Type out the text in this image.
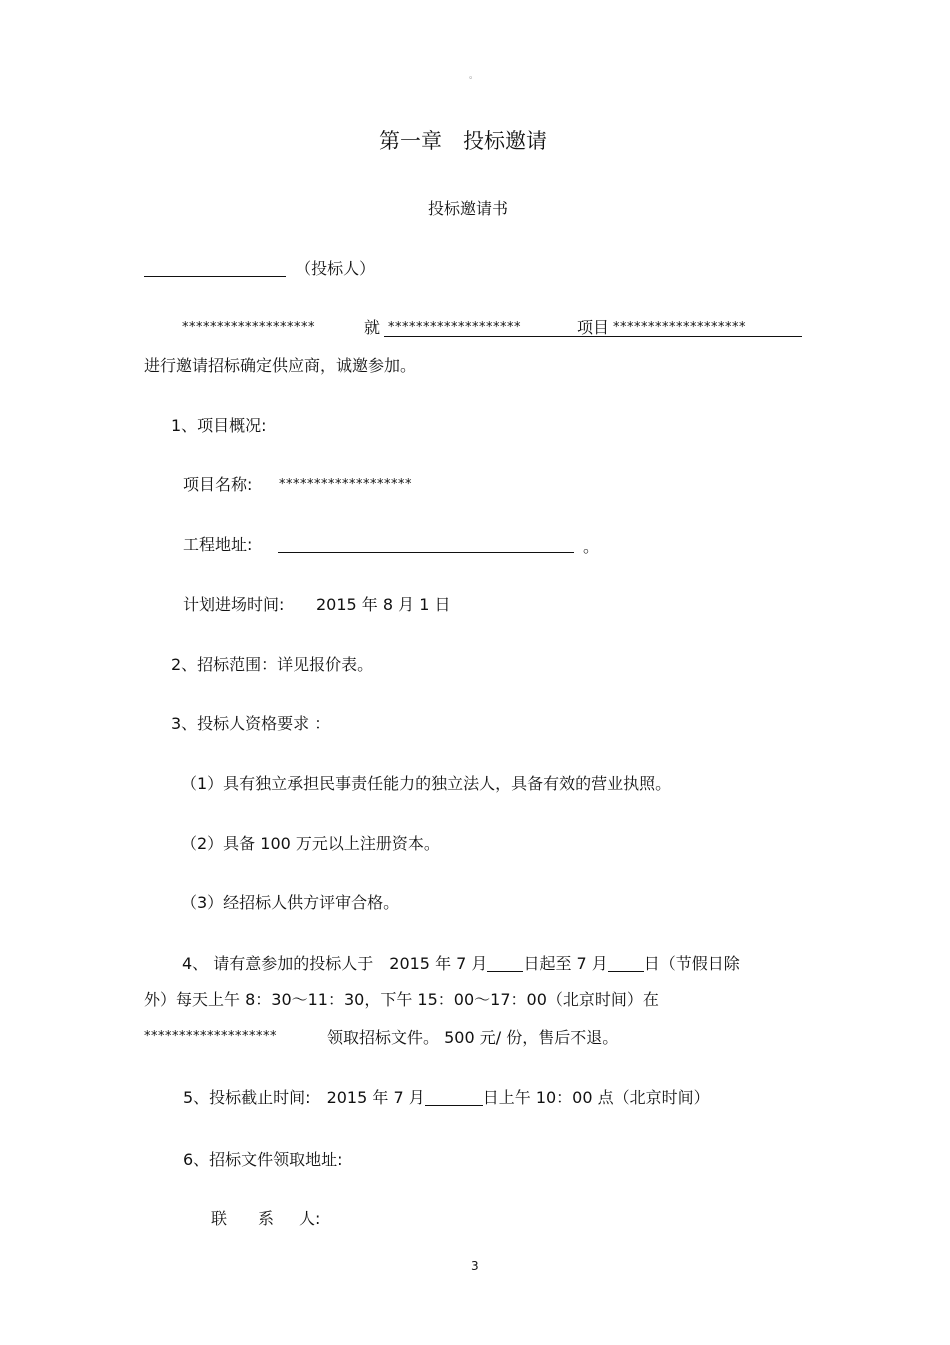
。
第一章　投标邀请
投标邀请书
（投标人）
*******************	就 *******************	项目 *******************
进行邀请招标确定供应商，诚邀参加。
1、项目概况:
项目名称: *******************
工程地址:	。
计划进场时间: 2015 年 8 月 1 日
2、招标范围：详见报价表。
3、投标人资格要求 ：
（1）具有独立承担民事责任能力的独立法人，具备有效的营业执照。
（2）具备 100 万元以上注册资本。
（3）经招标人供方评审合格。
4、 请有意参加的投标人于　2015 年 7 月 日起至 7 月 日（节假日除
外）每天上午 8：30～11：30，下午 15：00～17：00（北京时间）在
*******************	领取招标文件。 500 元/ 份，售后不退。
5、投标截止时间:　2015 年 7 月	日上午 10：00 点（北京时间）
6、招标文件领取地址:
联 系 人:
3
